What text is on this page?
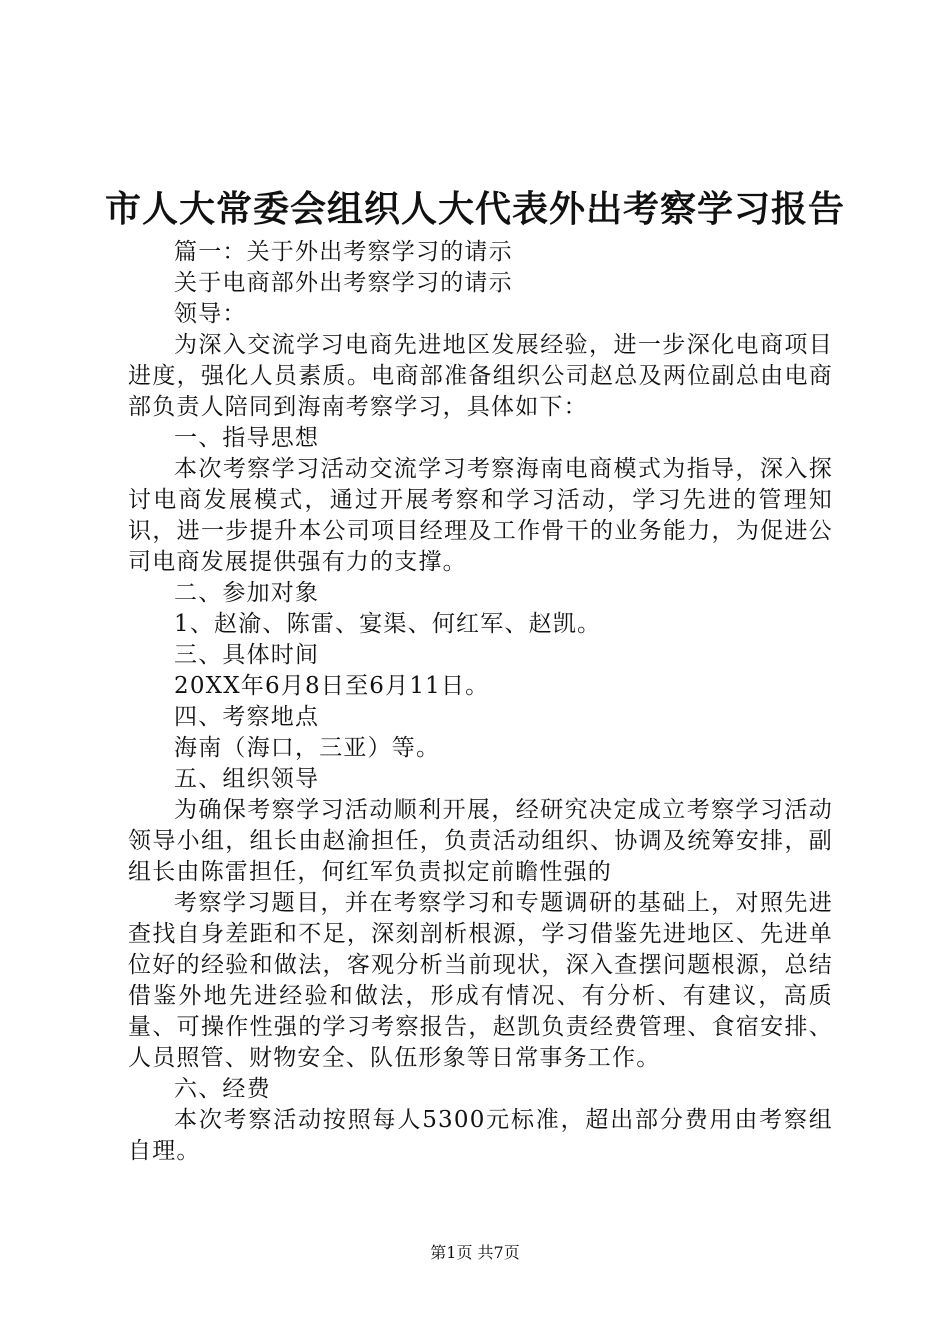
市人大常委会组织人大代表外出考察学习报告

篇一：关于外出考察学习的请示

关于电商部外出考察学习的请示

领导：

为深入交流学习电商先进地区发展经验，进一步深化电商项目进度，强化人员素质。电商部准备组织公司赵总及两位副总由电商部负责人陪同到海南考察学习，具体如下：

一、指导思想

本次考察学习活动交流学习考察海南电商模式为指导，深入探讨电商发展模式，通过开展考察和学习活动，学习先进的管理知识，进一步提升本公司项目经理及工作骨干的业务能力，为促进公司电商发展提供强有力的支撑。

二、参加对象

1、赵渝、陈雷、宴渠、何红军、赵凯。

三、具体时间

20XX年6月8日至6月11日。

四、考察地点

海南（海口，三亚）等。

五、组织领导

为确保考察学习活动顺利开展，经研究决定成立考察学习活动领导小组，组长由赵渝担任，负责活动组织、协调及统筹安排，副组长由陈雷担任，何红军负责拟定前瞻性强的

考察学习题目，并在考察学习和专题调研的基础上，对照先进查找自身差距和不足，深刻剖析根源，学习借鉴先进地区、先进单位好的经验和做法，客观分析当前现状，深入查摆问题根源，总结借鉴外地先进经验和做法，形成有情况、有分析、有建议，高质量、可操作性强的学习考察报告，赵凯负责经费管理、食宿安排、人员照管、财物安全、队伍形象等日常事务工作。

六、经费

本次考察活动按照每人5300元标准，超出部分费用由考察组自理。

第1页 共7页
